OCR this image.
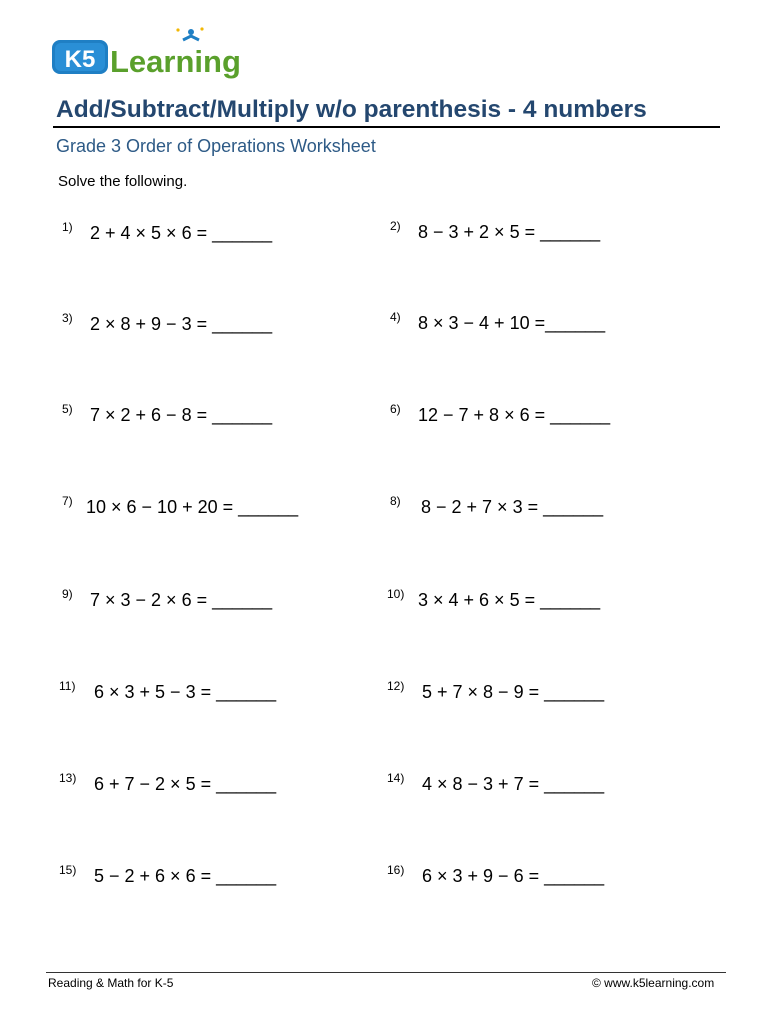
K5 Learning
Add/Subtract/Multiply w/o parenthesis - 4 numbers
Grade 3 Order of Operations Worksheet
Solve the following.
1) 2 + 4 × 5 × 6 = ______	2) 8 − 3 + 2 × 5 = ______
3) 2 × 8 + 9 − 3 = ______	4) 8 × 3 − 4 + 10 =______
5) 7 × 2 + 6 − 8 = ______	6) 12 − 7 + 8 × 6 = ______
7) 10 × 6 − 10 + 20 = ______	8) 8 − 2 + 7 × 3 = ______
9) 7 × 3 − 2 × 6 = ______	10) 3 × 4 + 6 × 5 = ______
11) 6 × 3 + 5 − 3 = ______	12) 5 + 7 × 8 − 9 = ______
13) 6 + 7 − 2 × 5 = ______	14) 4 × 8 − 3 + 7 = ______
15) 5 − 2 + 6 × 6 = ______	16) 6 × 3 + 9 − 6 = ______
Reading & Math for K-5	© www.k5learning.com
